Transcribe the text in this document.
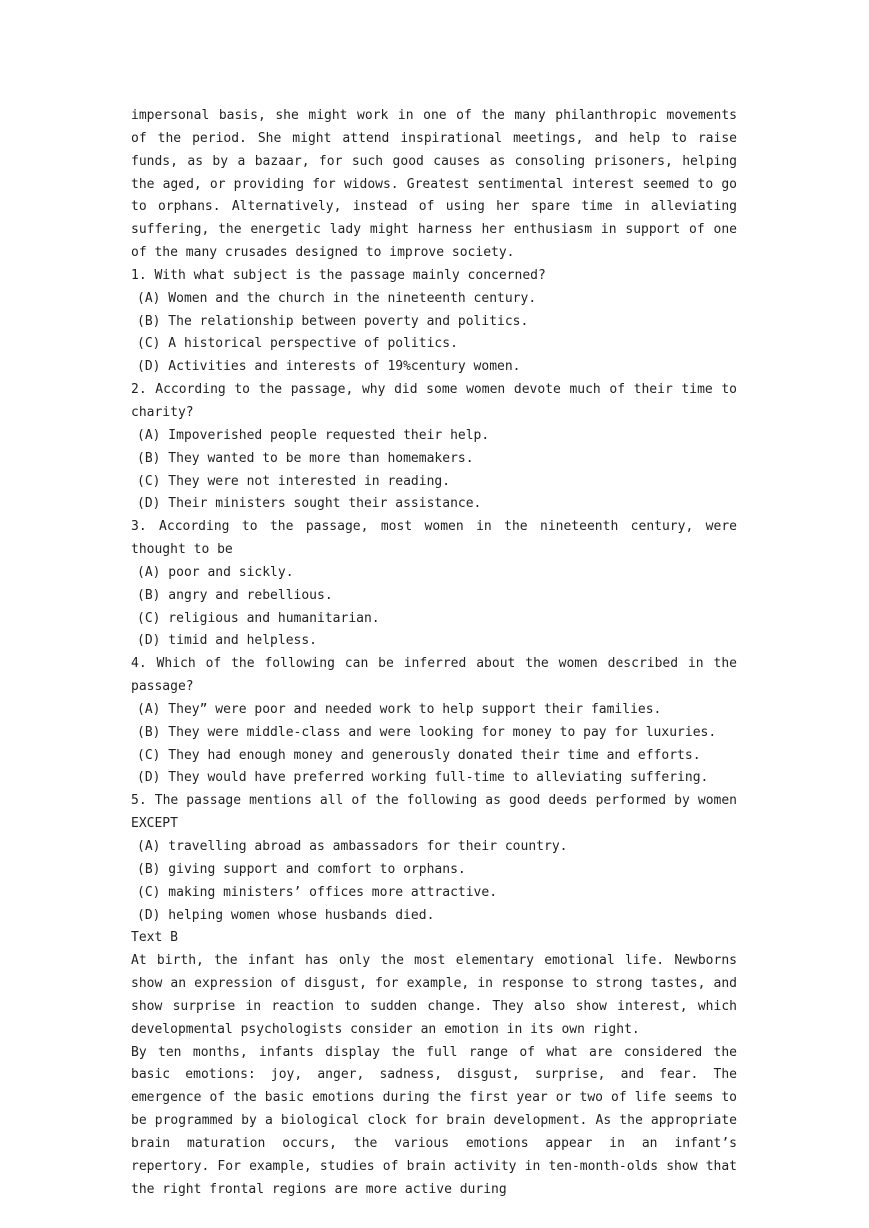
impersonal basis, she might work in one of the many philanthropic movements of the period. She might attend inspirational meetings, and help to raise funds, as by a bazaar, for such good causes as consoling prisoners, helping the aged, or providing for widows. Greatest sentimental interest seemed to go to orphans. Alternatively, instead of using her spare time in alleviating suffering, the energetic lady might harness her enthusiasm in support of one of the many crusades designed to improve society.

1. With what subject is the passage mainly concerned?

(A) Women and the church in the nineteenth century.

(B) The relationship between poverty and politics.

(C) A historical perspective of politics.

(D) Activities and interests of 19%century women.

2. According to the passage, why did some women devote much of their time to charity?

(A) Impoverished people requested their help.

(B) They wanted to be more than homemakers.

(C) They were not interested in reading.

(D) Their ministers sought their assistance.

3. According to the passage, most women in the nineteenth century, were thought to be

(A) poor and sickly.

(B) angry and rebellious.

(C) religious and humanitarian.

(D) timid and helpless.

4. Which of the following can be inferred about the women described in the passage?

(A) They” were poor and needed work to help support their families.

(B) They were middle-class and were looking for money to pay for luxuries.

(C) They had enough money and generously donated their time and efforts.

(D) They would have preferred working full-time to alleviating suffering.

5. The passage mentions all of the following as good deeds performed by women EXCEPT

(A) travelling abroad as ambassadors for their country.

(B) giving support and comfort to orphans.

(C) making ministers’ offices more attractive.

(D) helping women whose husbands died.

Text B

At birth, the infant has only the most elementary emotional life. Newborns show an expression of disgust, for example, in response to strong tastes, and show surprise in reaction to sudden change. They also show interest, which developmental psychologists consider an emotion in its own right.

By ten months, infants display the full range of what are considered the basic emotions: joy, anger, sadness, disgust, surprise, and fear. The emergence of the basic emotions during the first year or two of life seems to be programmed by a biological clock for brain development. As the appropriate brain maturation occurs, the various emotions appear in an infant’s repertory. For example, studies of brain activity in ten-month-olds show that the right frontal regions are more active during
